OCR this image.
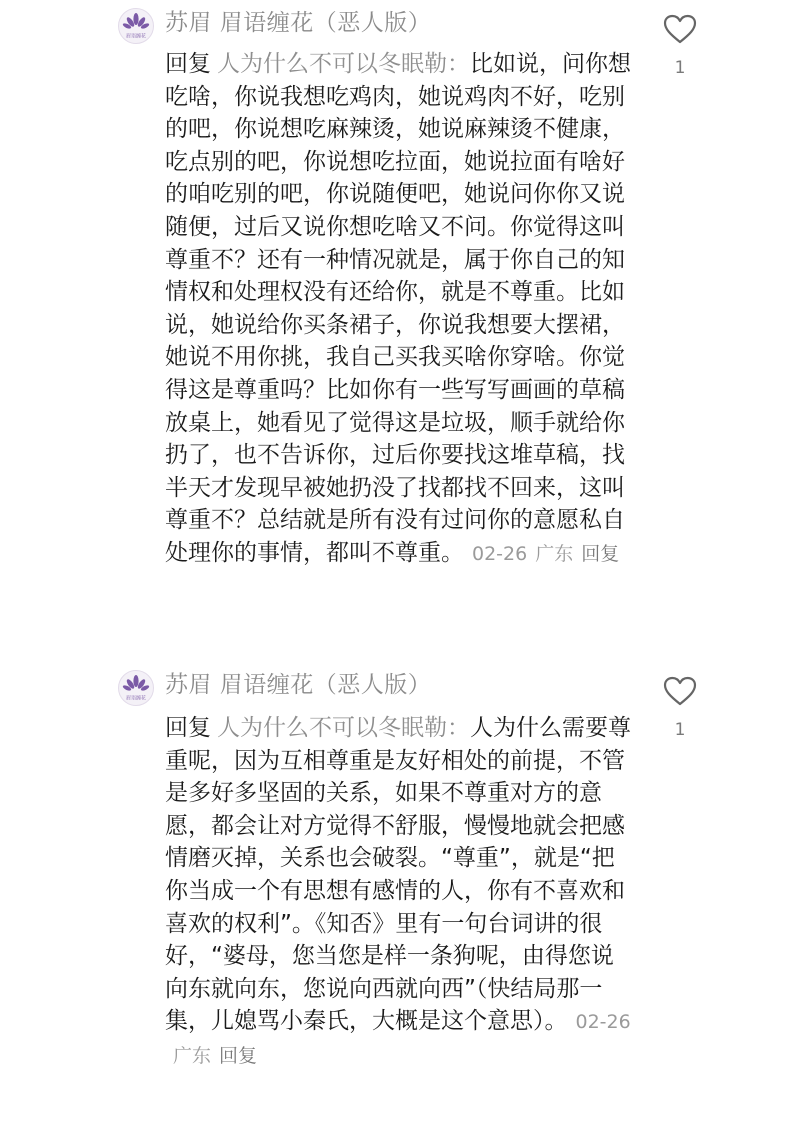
眉语缠花
苏眉 眉语缠花（恶人版）
1
回复 人为什么不可以冬眠勒：比如说，问你想吃啥，你说我想吃鸡肉，她说鸡肉不好，吃别的吧，你说想吃麻辣烫，她说麻辣烫不健康，吃点别的吧，你说想吃拉面，她说拉面有啥好的咱吃别的吧，你说随便吧，她说问你你又说随便，过后又说你想吃啥又不问。你觉得这叫尊重不？还有一种情况就是，属于你自己的知情权和处理权没有还给你，就是不尊重。比如说，她说给你买条裙子，你说我想要大摆裙，她说不用你挑，我自己买我买啥你穿啥。你觉得这是尊重吗？比如你有一些写写画画的草稿放桌上，她看见了觉得这是垃圾，顺手就给你扔了，也不告诉你，过后你要找这堆草稿，找半天才发现早被她扔没了找都找不回来，这叫尊重不？总结就是所有没有过问你的意愿私自处理你的事情，都叫不尊重。 02-26 广东 回复
眉语缠花
苏眉 眉语缠花（恶人版）
1
回复 人为什么不可以冬眠勒：人为什么需要尊重呢，因为互相尊重是友好相处的前提，不管是多好多坚固的关系，如果不尊重对方的意愿，都会让对方觉得不舒服，慢慢地就会把感情磨灭掉，关系也会破裂。“尊重”，就是“把你当成一个有思想有感情的人，你有不喜欢和喜欢的权利”。《知否》里有一句台词讲的很好，“婆母，您当您是样一条狗呢，由得您说向东就向东，您说向西就向西”（快结局那一集，儿媳骂小秦氏，大概是这个意思）。 02-26广东 回复
